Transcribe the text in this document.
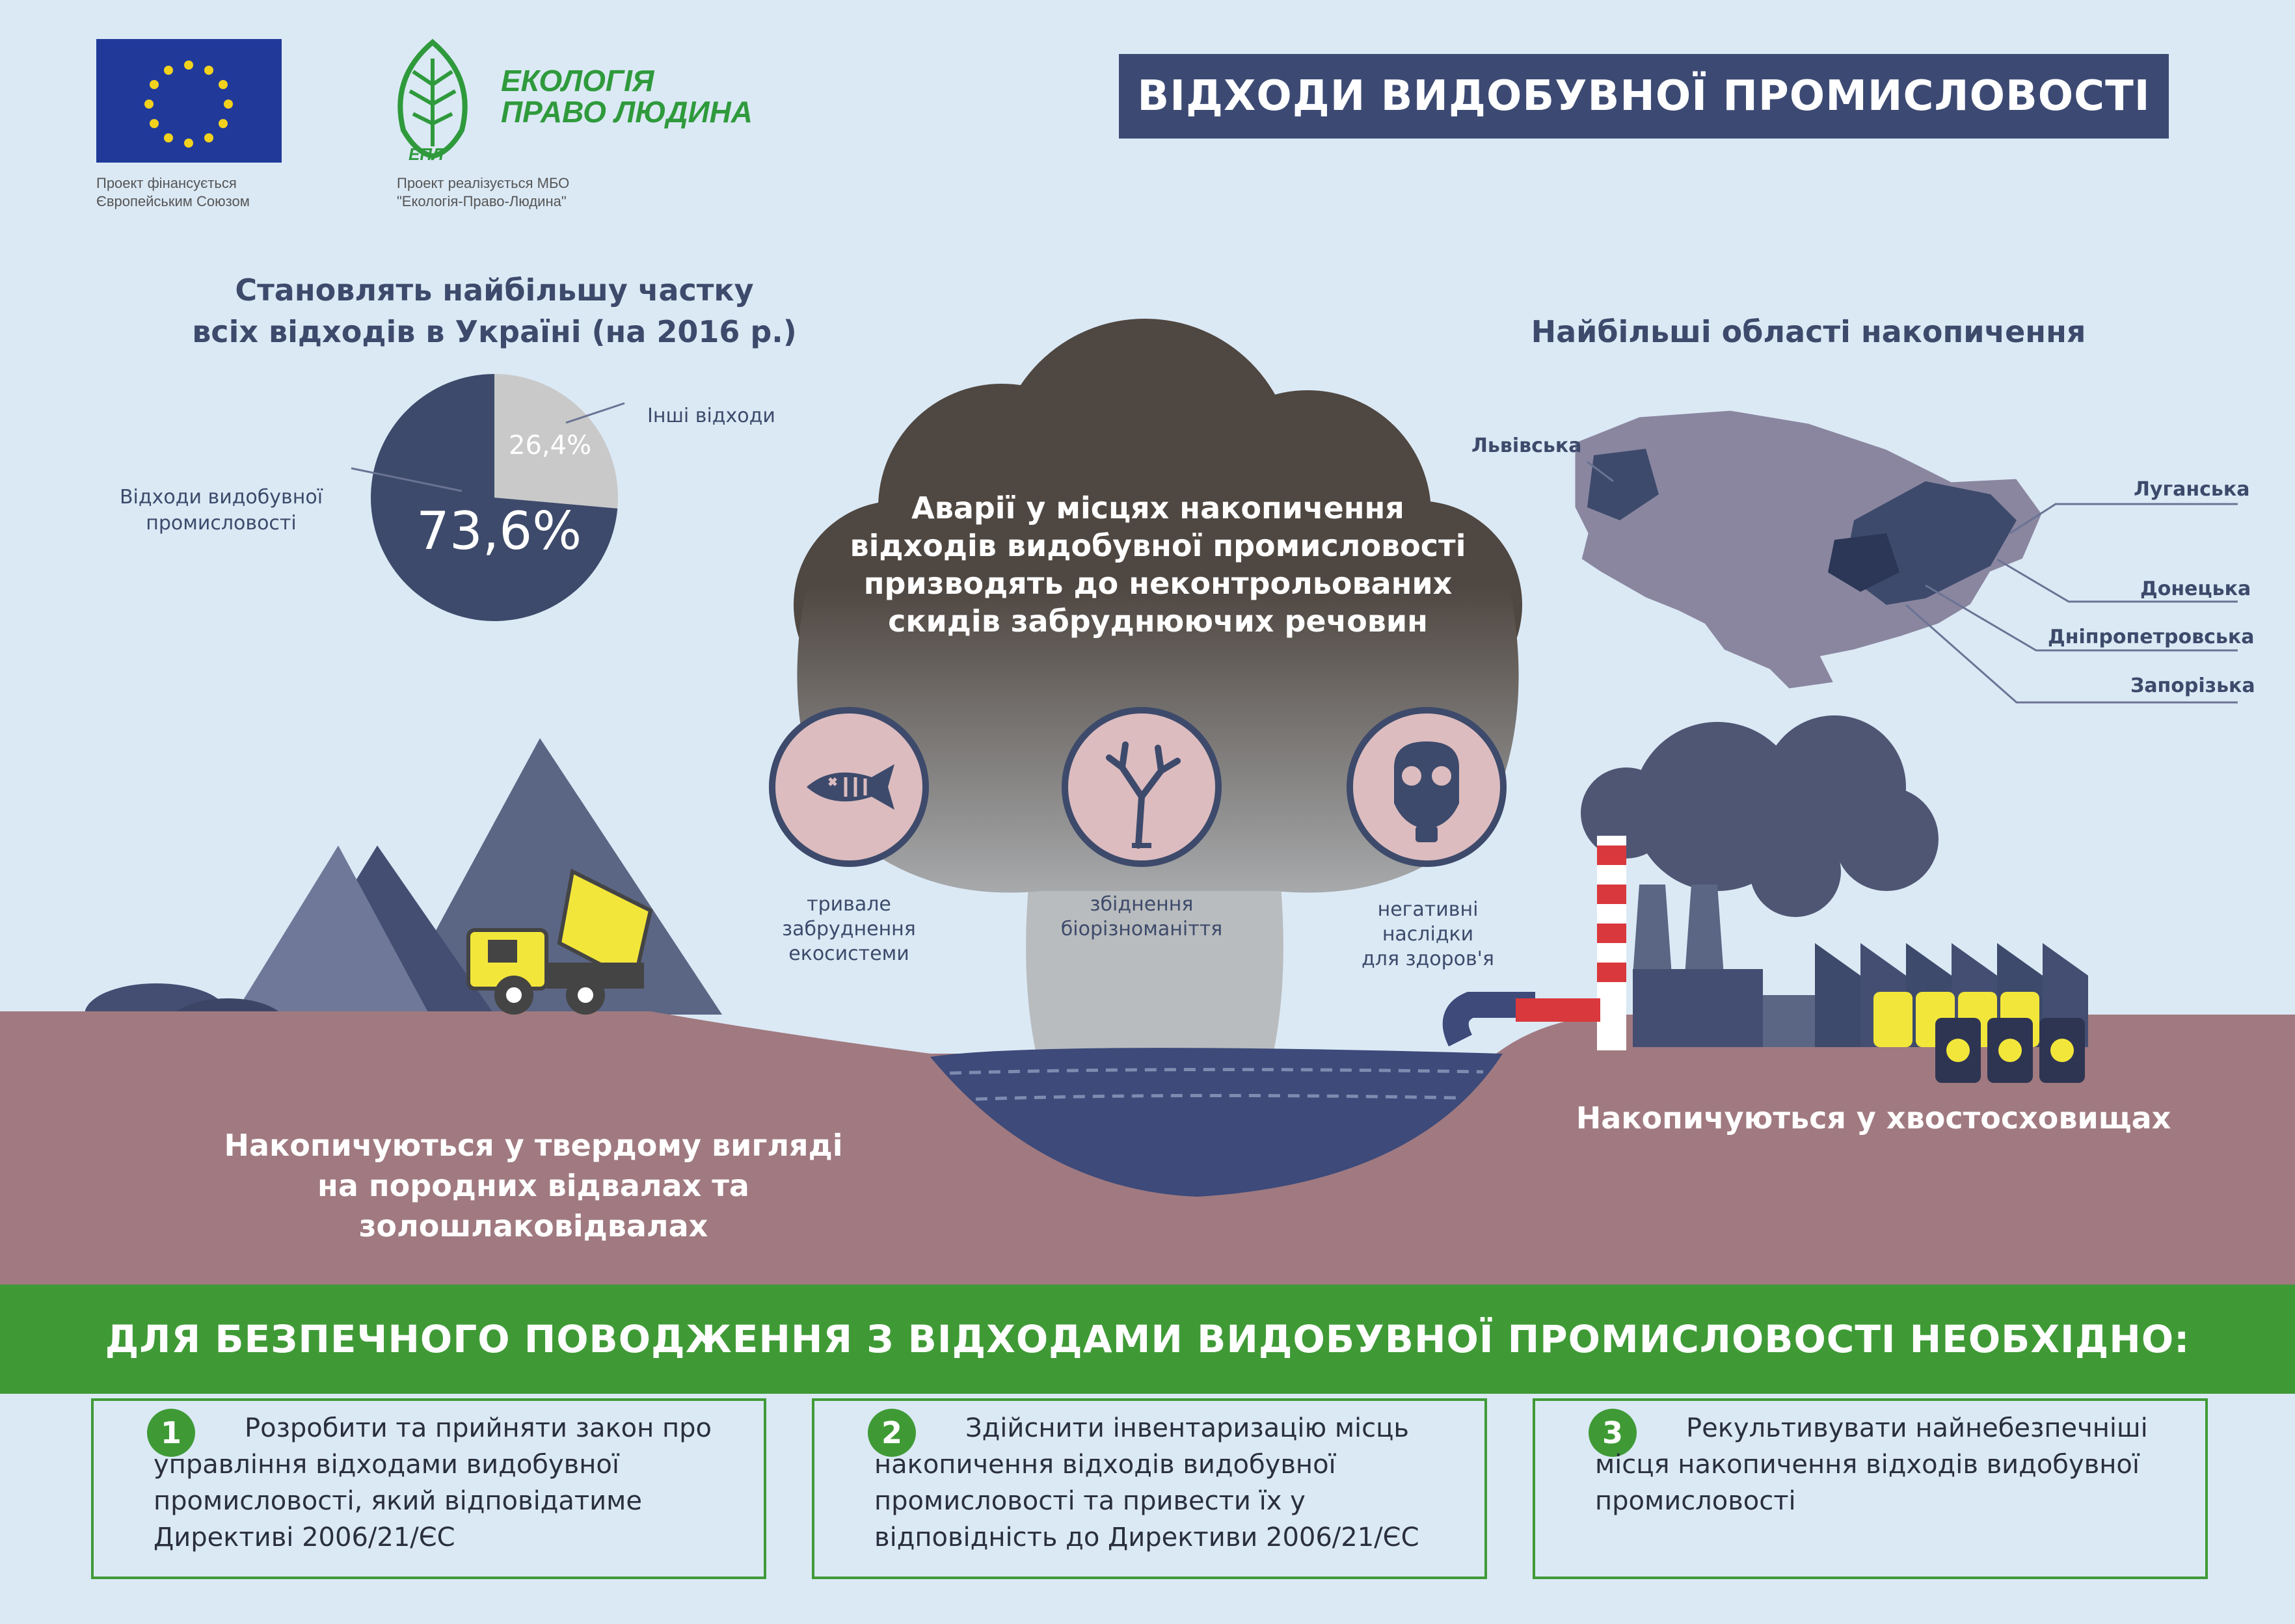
Проект фінансується
Європейським Союзом
ЕПЛ
ЕКОЛОГІЯ
ПРАВО ЛЮДИНА
Проект реалізується МБО
"Екологія-Право-Людина"
ВІДХОДИ ВИДОБУВНОЇ ПРОМИСЛОВОСТІ
Становлять найбільшу частку
всіх відходів в Україні (на 2016 р.)
Відходи видобувної
промисловості
Інші відходи
73,6%
26,4%
Аварії у місцях накопичення
відходів видобувної промисловості
призводять до неконтрольованих
скидів забруднюючих речовин
тривале
забруднення
екосистеми
збіднення
біорізноманіття
негативні
наслідки
для здоров'я
Найбільші області накопичення
Львівська
Луганська
Донецька
Дніпропетровська
Запорізька
Накопичуються у твердому вигляді
на породних відвалах та золошлаковідвалах
Накопичуються у хвостосховищах
ДЛЯ БЕЗПЕЧНОГО ПОВОДЖЕННЯ З ВІДХОДАМИ ВИДОБУВНОЇ ПРОМИСЛОВОСТІ НЕОБХІДНО:
1	Розробити та прийняти закон про управління відходами видобувної промисловості, який відповідатиме Директиві 2006/21/ЄС
2	Здійснити інвентаризацію місць накопичення відходів видобувної промисловості та привести їх у відповідність до Директиви 2006/21/ЄС
3	Рекультивувати найнебезпечніші місця накопичення відходів видобувної промисловості
